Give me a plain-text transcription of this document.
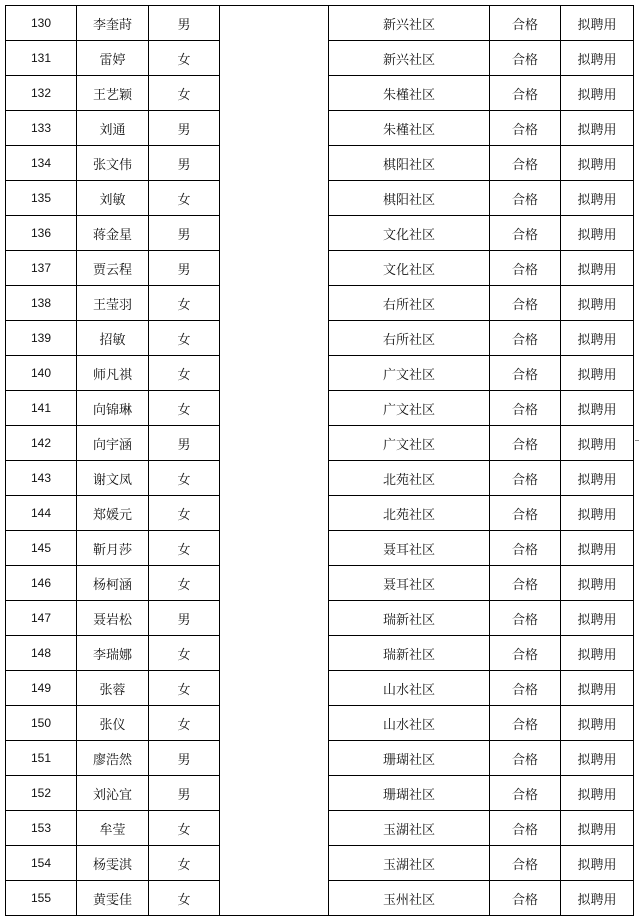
130	李奎莳	男		新兴社区	合格	拟聘用
131	雷婷	女		新兴社区	合格	拟聘用
132	王艺颖	女		朱槿社区	合格	拟聘用
133	刘通	男		朱槿社区	合格	拟聘用
134	张文伟	男		棋阳社区	合格	拟聘用
135	刘敏	女		棋阳社区	合格	拟聘用
136	蒋金星	男		文化社区	合格	拟聘用
137	贾云程	男		文化社区	合格	拟聘用
138	王莹羽	女		右所社区	合格	拟聘用
139	招敏	女		右所社区	合格	拟聘用
140	师凡祺	女		广文社区	合格	拟聘用
141	向锦琳	女		广文社区	合格	拟聘用
142	向宇涵	男		广文社区	合格	拟聘用
143	谢文凤	女		北苑社区	合格	拟聘用
144	郑媛元	女		北苑社区	合格	拟聘用
145	靳月莎	女		聂耳社区	合格	拟聘用
146	杨柯涵	女		聂耳社区	合格	拟聘用
147	聂岩松	男		瑞新社区	合格	拟聘用
148	李瑞娜	女		瑞新社区	合格	拟聘用
149	张蓉	女		山水社区	合格	拟聘用
150	张仪	女		山水社区	合格	拟聘用
151	廖浩然	男		珊瑚社区	合格	拟聘用
152	刘沁宜	男		珊瑚社区	合格	拟聘用
153	牟莹	女		玉湖社区	合格	拟聘用
154	杨雯淇	女		玉湖社区	合格	拟聘用
155	黄雯佳	女		玉州社区	合格	拟聘用
